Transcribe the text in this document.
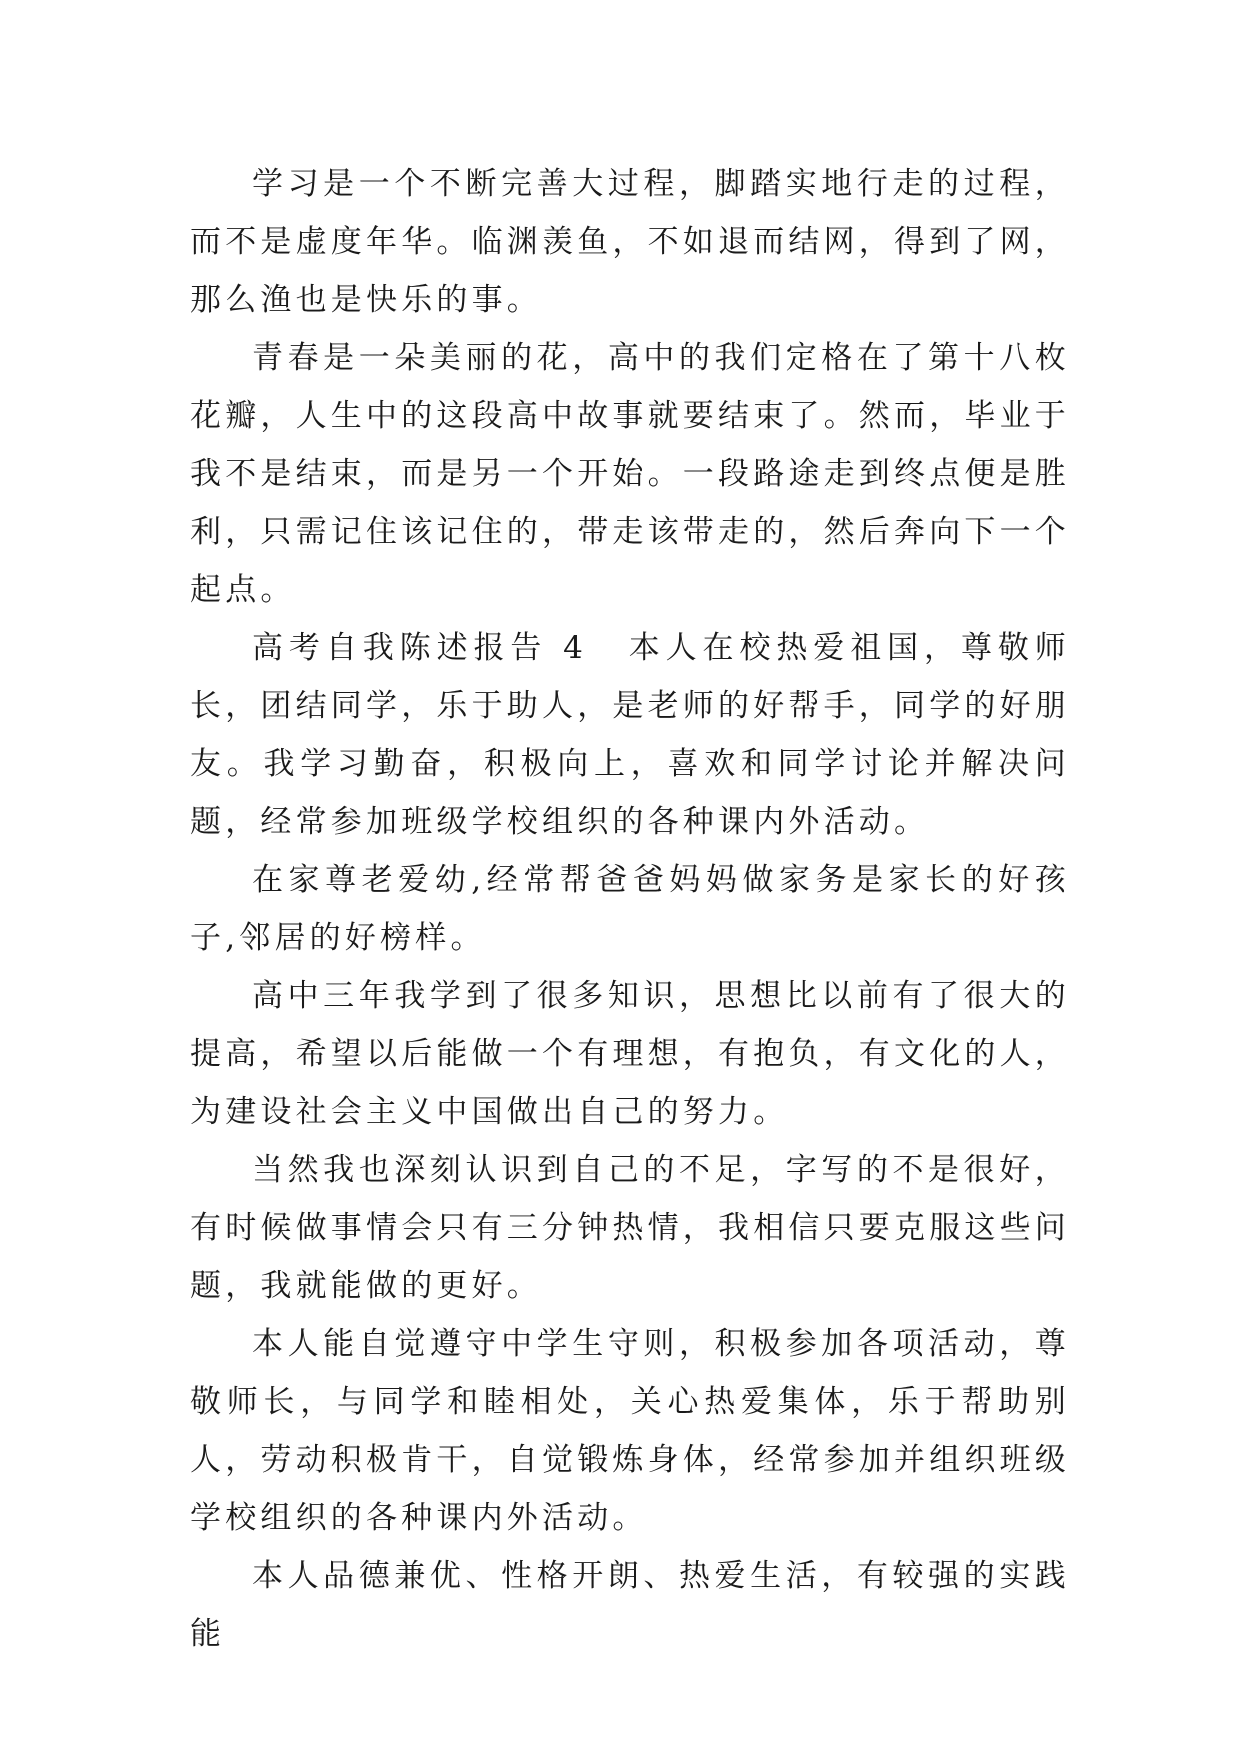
学习是一个不断完善大过程，脚踏实地行走的过程，而不是虚度年华。临渊羡鱼，不如退而结网，得到了网，那么渔也是快乐的事。

青春是一朵美丽的花，高中的我们定格在了第十八枚花瓣，人生中的这段高中故事就要结束了。然而，毕业于我不是结束，而是另一个开始。一段路途走到终点便是胜利，只需记住该记住的，带走该带走的，然后奔向下一个起点。

高考自我陈述报告 4 本人在校热爱祖国，尊敬师长，团结同学，乐于助人，是老师的好帮手，同学的好朋友。我学习勤奋，积极向上，喜欢和同学讨论并解决问题，经常参加班级学校组织的各种课内外活动。

在家尊老爱幼,经常帮爸爸妈妈做家务是家长的好孩子,邻居的好榜样。

高中三年我学到了很多知识，思想比以前有了很大的提高，希望以后能做一个有理想，有抱负，有文化的人，为建设社会主义中国做出自己的努力。

当然我也深刻认识到自己的不足，字写的不是很好，有时候做事情会只有三分钟热情，我相信只要克服这些问题，我就能做的更好。

本人能自觉遵守中学生守则，积极参加各项活动，尊敬师长，与同学和睦相处，关心热爱集体，乐于帮助别人，劳动积极肯干，自觉锻炼身体，经常参加并组织班级学校组织的各种课内外活动。

本人品德兼优、性格开朗、热爱生活，有较强的实践能
